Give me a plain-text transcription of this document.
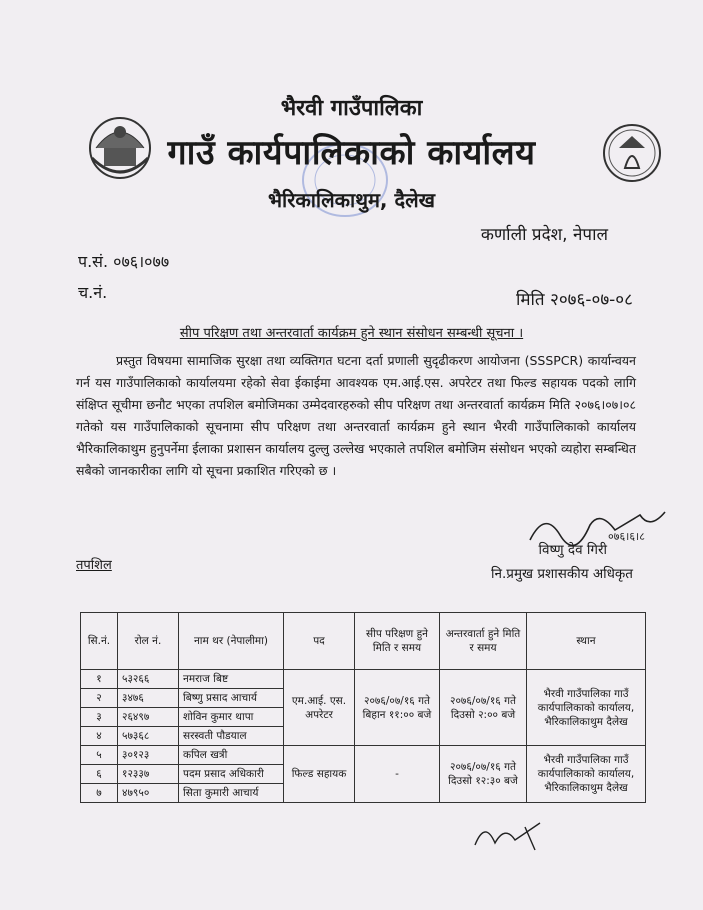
भैरवी गाउँपालिका
गाउँ कार्यपालिकाको कार्यालय
भैरिकालिकाथुम, दैलेख
कर्णाली प्रदेश, नेपाल
प.सं. ०७६।०७७
च.नं.	मिति २०७६-०७-०८
सीप परिक्षण तथा अन्तरवार्ता कार्यक्रम हुने स्थान संसोधन सम्बन्धी सूचना ।
प्रस्तुत विषयमा सामाजिक सुरक्षा तथा व्यक्तिगत घटना दर्ता प्रणाली सुदृढीकरण आयोजना (SSSPCR) कार्यान्वयन गर्न यस गाउँपालिकाको कार्यालयमा रहेको सेवा ईकाईमा आवश्यक एम.आई.एस. अपरेटर तथा फिल्ड सहायक पदको लागि संक्षिप्त सूचीमा छनौट भएका तपशिल बमोजिमका उम्मेदवारहरुको सीप परिक्षण तथा अन्तरवार्ता कार्यक्रम मिति २०७६।०७।०८ गतेको यस गाउँपालिकाको सूचनामा सीप परिक्षण तथा अन्तरवार्ता कार्यक्रम हुने स्थान भैरवी गाउँपालिकाको कार्यालय भैरिकालिकाथुम हुनुपर्नेमा ईलाका प्रशासन कार्यालय दुल्लु उल्लेख भएकाले तपशिल बमोजिम संसोधन भएको व्यहोरा सम्बन्धित सबैको जानकारीका लागि यो सूचना प्रकाशित गरिएको छ ।
०७६।६।८
विष्णु देव गिरी
नि.प्रमुख प्रशासकीय अधिकृत
तपशिल
सि.नं.	रोल नं.	नाम थर (नेपालीमा)	पद	सीप परिक्षण हुने मिति र समय	अन्तरवार्ता हुने मिति र समय	स्थान
१	५३२६६	नमराज बिष्ट	एम.आई. एस. अपरेटर	२०७६/०७/१६ गते बिहान ११:०० बजे	२०७६/०७/१६ गते दिउसो २:०० बजे	भैरवी गाउँपालिका गाउँ कार्यपालिकाको कार्यालय, भैरिकालिकाथुम दैलेख
२	३४७६	बिष्णु प्रसाद आचार्य				
३	२६४९७	शोविन कुमार थापा				
४	५७३६८	सरस्वती पौडयाल				
५	३०१२३	कपिल खत्री	फिल्ड सहायक	-	२०७६/०७/१६ गते दिउसो १२:३० बजे	भैरवी गाउँपालिका गाउँ कार्यपालिकाको कार्यालय, भैरिकालिकाथुम दैलेख
६	१२३३७	पदम प्रसाद अधिकारी				
७	४७९५०	सिता कुमारी आचार्य				
